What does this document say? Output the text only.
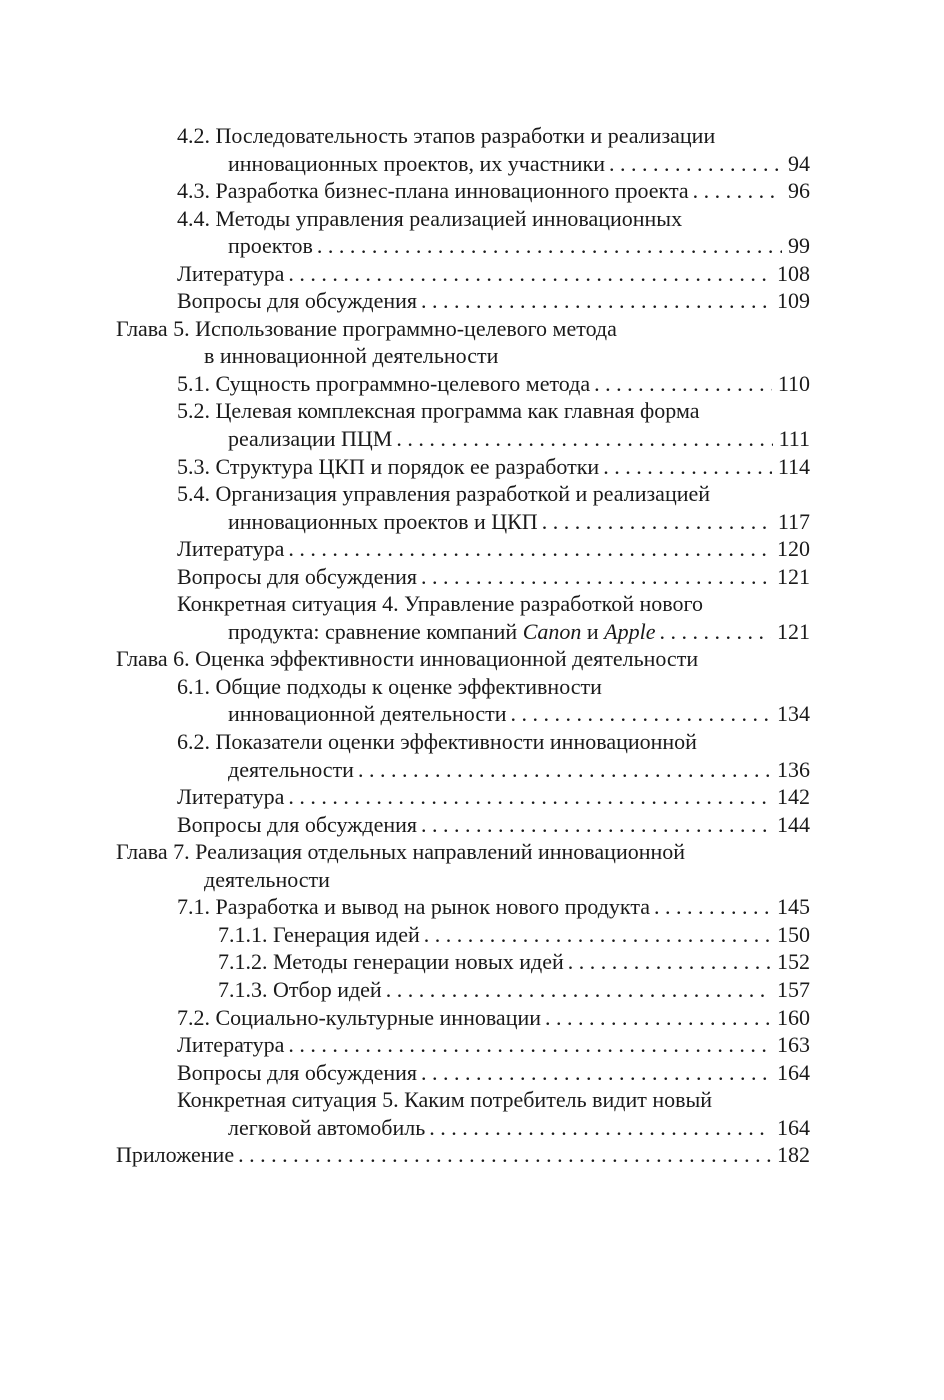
4.2. Последовательность этапов разработки и реализации
инновационных проектов, их участники . . .	94
4.3. Разработка бизнес-плана инновационного проекта . . .	96
4.4. Методы управления реализацией инновационных
проектов . . .	99
Литература . . .	108
Вопросы для обсуждения . . .	109
Глава 5. Использование программно-целевого метода
в инновационной деятельности
5.1. Сущность программно-целевого метода . . .	110
5.2. Целевая комплексная программа как главная форма
реализации ПЦМ . . .	111
5.3. Структура ЦКП и порядок ее разработки . . .	114
5.4. Организация управления разработкой и реализацией
инновационных проектов и ЦКП . . .	117
Литература . . .	120
Вопросы для обсуждения . . .	121
Конкретная ситуация 4. Управление разработкой нового
продукта: сравнение компаний Canon и Apple . . .	121
Глава 6. Оценка эффективности инновационной деятельности
6.1. Общие подходы к оценке эффективности
инновационной деятельности . . .	134
6.2. Показатели оценки эффективности инновационной
деятельности . . .	136
Литература . . .	142
Вопросы для обсуждения . . .	144
Глава 7. Реализация отдельных направлений инновационной
деятельности
7.1. Разработка и вывод на рынок нового продукта . . .	145
7.1.1. Генерация идей . . .	150
7.1.2. Методы генерации новых идей . . .	152
7.1.3. Отбор идей . . .	157
7.2. Социально-культурные инновации . . .	160
Литература . . .	163
Вопросы для обсуждения . . .	164
Конкретная ситуация 5. Каким потребитель видит новый
легковой автомобиль . . .	164
Приложение . . .	182
